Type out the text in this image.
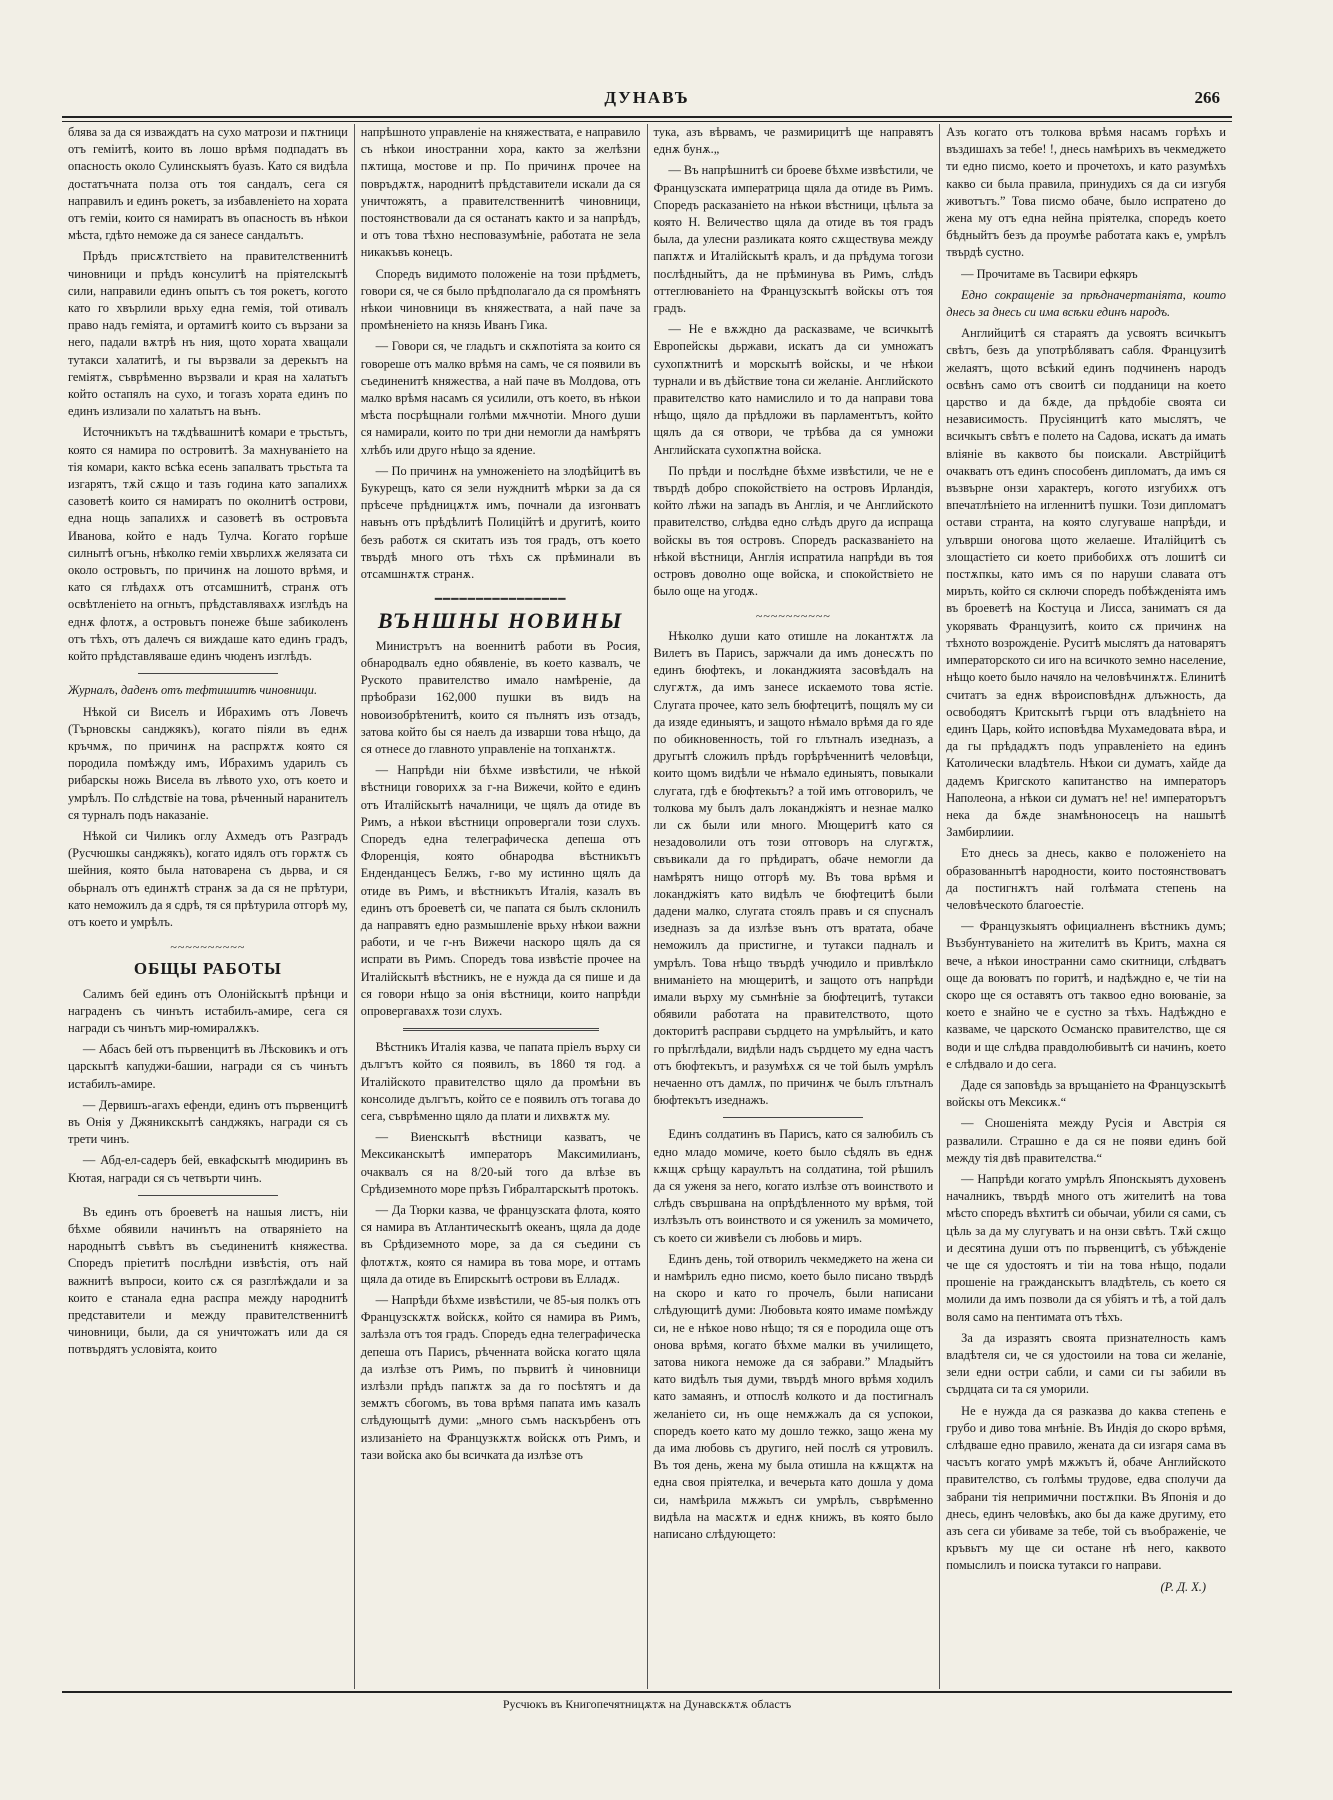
ДУНАВЪ	266

блява за да ся изваждатъ на сухо матрози и пѫтници отъ гемiитѣ, които въ лошо врѣмя подпадатъ въ опасность около Сулинскыятъ буазъ. Като ся видѣла достатъчната полза отъ тоя сандалъ, сега ся направилъ и единъ рокетъ, за избавленiето на хората отъ гемiи, които ся намиратъ въ опасность въ нѣкои мѣста, гдѣто неможе да ся занесе сандалътъ.

Прѣдъ присѫтствiето на правителственнитѣ чиновници и прѣдъ консулитѣ на прiятелскытѣ сили, направили единъ опытъ съ тоя рокетъ, когото като го хвърлили врьху една гемiя, той отивалъ право надъ гемiята, и ортамитѣ които съ вързани за него, падали вѫтрѣ нъ ния, щото хората хващали тутакси халатитѣ, и гы вързвали за дерекьтъ на гемiятѫ, съврѣменно вързвали и края на халатьтъ който остапялъ на сухо, и тогазъ хората единъ по единъ излизали по халатьтъ на вънъ.

Источникътъ на тѫдѣвашнитѣ комари е трьстьтъ, която ся намира по островитѣ. За махнуванiето на тiя комари, както всѣка есень запалватъ трьстьта та изгарятъ, тѫй сѫщо и тазъ година като запалихѫ сазоветѣ които ся намиратъ по околнитѣ острови, една нощь запалихѫ и сазоветѣ въ островъта Иванова, който е надъ Тулча. Когато горѣше силнытѣ огънь, нѣколко гемiи хвърлихѫ желязата си около островьтъ, по причинѫ на лошото врѣмя, и като ся глѣдахѫ отъ отсамшнитѣ, странѫ отъ освѣтленiето на огньтъ, прѣдставлявахѫ изглѣдъ на еднѫ флотѫ, а островьтъ понеже бѣше забиколенъ отъ тѣхъ, отъ далечъ ся виждаше като единъ градъ, който прѣдставлявашe единъ чюденъ изглѣдъ.

Журналъ, даденъ отъ тефтишитѣ чиновници.

Нѣкой си Виселъ и Ибрахимъ отъ Ловечъ (Търновскы санджякъ), когато пiяли въ еднѫ кръчмѫ, по причинѫ на распрѫтѫ която ся породила помѣжду имъ, Ибрахимъ ударилъ съ рибарскы ножь Висела въ лѣвото ухо, отъ което и умрѣлъ. По слѣдствiе на това, рѣченный наранителъ ся турналъ подъ наказанiе.

Нѣкой си Чиликъ оглу Ахмедъ отъ Разградъ (Русчюшкы санджякъ), когато идялъ отъ горѫтѫ съ шейния, която была натоварена съ дьрва, и ся обьрналъ отъ единѫтѣ странѫ за да ся не прѣтури, като неможилъ да я сдрѣ, тя ся прѣтурила отгорѣ му, отъ което и умрѣлъ.

~~~~~~~~~~
ОБЩЫ РАБОТЫ

Салимъ бей единъ отъ Олонiйскытѣ прѣнци и награденъ съ чинътъ истабилъ-амире, сега ся награди съ чинътъ мир-юмиралѫкъ.

— Абасъ бей отъ първенцитѣ въ Лѣсковикъ и отъ царскытѣ капуджи-башии, награди ся съ чинътъ истабилъ-амире.

— Дервишъ-агахъ ефенди, единъ отъ първенцитѣ въ Онiя у Джяникскытѣ санджякъ, награди ся съ трети чинъ.

— Абд-ел-садеръ бей, евкафскытѣ мюдиринъ въ Кютая, награди ся съ четвърти чинъ.

Въ единъ отъ броеветѣ на нашыя листъ, нiи бѣхме обявили начинътъ на отварянiето на народнытѣ съвѣтъ въ съединенитѣ княжества. Споредъ прiетитѣ послѣдни извѣстiя, отъ най важнитѣ въпроси, които сѫ ся разглѣждали и за които е станала една распра между народнитѣ представители и между правителственнитѣ чиновници, были, да ся уничтожатъ или да ся потвърдятъ условiята, които

напрѣшното управленiе на княжествата, е направило съ нѣкои иностранни хора, както за желѣзни пѫтища, мостове и пр. По причинѫ прочее на повръдѫтѫ, народнитѣ прѣдставители искали да ся уничтожятъ, а правителственнитѣ чиновници, постоянствовали да ся останатъ както и за напрѣдъ, и отъ това тѣхно несповазумѣнiе, работата не зела никакъвъ конецъ.

Споредъ видимото положенiе на този прѣдметъ, говори ся, че ся было прѣдполагало да ся промѣнятъ нѣкои чиновници въ княжествата, а най паче за промѣненiето на князь Иванъ Гика.

— Говори ся, че гладьтъ и скѫпотiята за които ся говореше отъ малко врѣмя на самъ, че ся появили въ съединенитѣ княжества, а най паче въ Молдова, отъ малко врѣмя насамъ ся усилили, отъ което, въ нѣкои мѣста посрѣщнали голѣми мѫчнотiи. Много души ся намирали, които по три дни немогли да намѣрятъ хлѣбъ или друго нѣщо за ядение.

— По причинѫ на умноженiето на злодѣйцитѣ въ Букурещъ, като ся зели нужднитѣ мѣрки за да ся прѣсече прѣдницѫтѫ имъ, почнали да изгонватъ навънъ отъ прѣдѣлитѣ Полицiйтѣ и другитѣ, които безъ работѫ ся скитатъ изъ тоя градъ, отъ което твърдѣ много отъ тѣхъ сѫ прѣминали въ отсамшнѫтѫ странѫ.

━━━━━━━━━━━━━━━━
ВЪНШНЫ НОВИНЫ

Министрътъ на военнитѣ работи въ Росия, обнародвалъ едно обявленiе, въ което казвалъ, че Руското правителство имало намѣренiе, да прѣобрази 162,000 пушки въ видъ на новоизобрѣтенитѣ, които ся пълнятъ изъ отзадъ, затова който бы ся наелъ да изварши това нѣщо, да ся отнесе до главното управленiе на топханѫтѫ.

— Напрѣди нiи бѣхме извѣстили, че нѣкой вѣстници говорихѫ за г-на Вижечи, който е единъ отъ Италiйскытѣ началници, че щялъ да отиде въ Римъ, а нѣкои вѣстници опровергали този слухъ. Споредъ една телеграфическа депеша отъ Флоренцiя, която обнародва вѣстникътъ Енденданцесъ Белжъ, г-во му истинно щялъ да отиде въ Римъ, и вѣстникътъ Италiя, казалъ въ единъ отъ броеветѣ си, че папата ся былъ склонилъ да направятъ едно размышленiе врьху нѣкои важни работи, и че г-нъ Вижечи наскоро щялъ да ся испрати въ Римъ. Споредъ това извѣстiе прочее на Италiйскытѣ вѣстникъ, не е нужда да ся пише и да ся говори нѣщо за онiя вѣстници, които напрѣди опровергавахѫ този слухъ.

Вѣстникъ Италiя казва, че папата прiелъ върху си дългътъ който ся появилъ, въ 1860 тя год. а Италiйското правителство щяло да промѣни въ консолиде дългътъ, който се е появилъ отъ тогава до сега, съврѣменно щяло да плати и лихвѫтѫ му.

— Виенскытѣ вѣстници казватъ, че Мексиканскытѣ императоръ Максимилианъ, очаквалъ ся на 8/20-ый того да влѣзе въ Срѣдиземното море прѣзъ Гибралтарскытѣ протокъ.

— Да Тюрки казва, че французската флота, която ся намира въ Атлантическытѣ океанъ, щяла да доде въ Срѣдиземното море, за да ся съедини съ флотѫтѫ, която ся намира въ това море, и оттамъ щяла да отиде въ Епирскытѣ острови въ Елладѫ.

— Напрѣди бѣхме извѣстили, че 85-ыя полкъ отъ Французскѫтѫ войскѫ, който ся намира въ Римъ, залѣзла отъ тоя градъ. Споредъ една телеграфическа депеша отъ Парисъ, рѣченната войска когато щяла да излѣзе отъ Римъ, по първитѣ ѝ чиновници излѣзли прѣдъ папѫтѫ за да го посѣтятъ и да земѫтъ сбогомъ, въ това врѣмя папата имъ казалъ слѣдующытѣ думи: „много съмъ наскърбенъ отъ излизанiето на Французкѫтѫ войскѫ отъ Римъ, и тази войска ако бы всичката да излѣзе отъ

тука, азъ вѣрвамъ, че размирицитѣ ще направятъ еднѫ бунѫ.„

— Въ напрѣшнитѣ си броеве бѣхме извѣстили, че Французската императрица щяла да отиде въ Римъ. Споредъ расказанiето на нѣкои вѣстници, цѣльта за която Н. Величество щяла да отиде въ тоя градъ была, да улесни разликата която сѫществува между папѫтѫ и Италiйскытѣ кралъ, и да прѣдума тогози послѣдныйтъ, да не прѣминува въ Римъ, слѣдъ оттеглюванiето на Французскытѣ войскы отъ тоя градъ.

— Не е вѫждно да расказваме, че всичкытѣ Европейскы дьржави, искатъ да си умножатъ сухопѫтнитѣ и морскытѣ войскы, и че нѣкои турнали и въ дѣйствие тона си желанiе. Английското правителство като намислило и то да направи тoва нѣщо, щяло да прѣдложи въ парламентътъ, който щялъ да ся отвори, че трѣбва да ся умножи Английската сухопѫтна войска.

По прѣди и послѣдне бѣхме извѣстили, че не е твърдѣ добро спокойствiето на островъ Ирландiя, който лѣжи на западъ въ Англiя, и че Английското правителство, слѣдва едно слѣдъ друго да испраща войскы въ тоя островъ. Споредъ расказванiето на нѣкой вѣстници, Англiя испратила напрѣди въ тоя островъ доволно още войска, и спокойствiето не было още на угодѫ.

~~~~~~~~~~

Нѣколко души като отишле на локантѫтѫ ла Вилетъ въ Парисъ, заржчали да имъ донесѫтъ по единъ бюфтекъ, и локанджията засовѣдалъ на слугѫтѫ, да имъ занесе искаемото това ястiе. Слугата прочее, като зелъ бюфтецитѣ, пощялъ му си да изяде единыятъ, и защото нѣмало врѣмя да го яде по обикновенность, той го глътналъ изедназъ, а другытѣ сложилъ прѣдъ горѣрѣченнитѣ человѣци, които щомъ видѣли че нѣмало единыятъ, повыкали слугата, гдѣ е бюфтекьтъ? а той имъ отговорилъ, че толкова му былъ далъ локанджiятъ и незнае малко ли сѫ были или много. Мющеритѣ като ся незадоволили отъ този отговоръ на слугѫтѫ, свъвикали да го прѣдиратъ, обаче немогли да намѣрятъ нищо отгорѣ му. Въ това врѣмя и локанджiятъ като видѣлъ че бюфтецитѣ были дадени малко, слугата стоялъ правъ и ся спусналъ изедназъ за да излѣзе вънъ отъ вратата, обаче неможилъ да пристигне, и тутакси падналъ и умрѣлъ. Това нѣщо твърдѣ учюдило и привлѣкло вниманiето на мющеритѣ, и защото отъ напрѣди имали върху му съмнѣнiе за бюфтецитѣ, тутакси обявили работата на правителството, щото докторитѣ расправи сърдцето на умрѣлыйтъ, и като го прѣглѣдали, видѣли надъ сърдцето му една частъ отъ бюфтекътъ, и разумѣхѫ ся че той былъ умрѣлъ нечаенно отъ дамлѫ, по причинѫ че былъ глътналъ бюфтекътъ изеднажъ.

Единъ солдатинъ въ Парисъ, като ся залюбилъ съ едно младо момиче, което было сѣдялъ въ еднѫ кѫщѫ срѣщу караулътъ на солдатина, той рѣшилъ да ся уженя за него, когато излѣзе отъ воинството и слѣдъ свършвана на опрѣдѣленното му врѣмя, той излѣзълъ отъ воинството и ся уженилъ за момичето, съ което си живѣели съ любовь и миръ.

Единъ день, той отворилъ чекмеджето на жена си и намѣрилъ едно писмо, което было писано твърдѣ на скоро и като го прочелъ, были написани слѣдующитѣ думи: Любовьта която имаме помѣжду си, не е нѣкое ново нѣщо; тя ся е породила още отъ онова врѣмя, когато бѣхме малки въ училището, затова никога неможе да ся забрави.” Младыйтъ като видѣлъ тыя думи, твърдѣ много врѣмя ходилъ като замаянъ, и отпослѣ колкото и да постигналъ желанiето си, нъ още немѫжалъ да ся успокои, споредъ което като му дошло тежко, защо жена му да има любовь съ другиго, ней послѣ ся утровилъ. Въ тоя день, жена му была отишла на кѫщѫтѫ на една своя прiятелка, и вечерьта като дошла у дома си, намѣрила мѫжьтъ си умрѣлъ, съврѣменно видѣла на масѫтѫ и еднѫ книжъ, въ която было написано слѣдующето:

Азъ когато отъ толкова врѣмя насамъ горѣхъ и въздишахъ за тебе! !, днесь намѣрихъ въ чекмеджето ти едно писмо, което и прочетохъ, и като разумѣхъ какво си была правила, принудихъ ся да си изгубя животътъ.” Това писмо обаче, было испратено до жена му отъ една нейна прiятелка, споредъ което бѣдныйтъ безъ да проумѣе работата какъ е, умрѣлъ твърдѣ сустно.

— Прочитаме въ Тасвири ефкяръ

Едно сокращенiе за прѣдначертанiята, които днесь за днесь си има всѣки единъ народъ.

Английцитѣ ся стараятъ да усвоятъ всичкытъ свѣтъ, безъ да употрѣбляватъ сабля. Французитѣ желаятъ, щото всѣкий единъ подчиненъ народъ освѣнъ само отъ своитѣ си подданици на което царство и да бѫде, да прѣдобiе своята си независимость. Прусiянцитѣ като мыслятъ, че всичкытъ свѣтъ е полето на Садова, искатъ да имать влiянiе въ каквото бы поискали. Австрiйцитѣ очакватъ отъ единъ способенъ дипломатъ, да имъ ся възвърне онзи характеръ, когото изгубихѫ отъ впечатлѣнiето на игленнитѣ пушки. Този дипломатъ остави странта, на която слугуваше напрѣди, и улъврши оногова щото желаеше. Италiйцитѣ съ злощастiето си което прибобихѫ отъ лошитѣ си постѫпкы, като имъ ся по наруши славата отъ миръть, който ся сключи споредъ побѣжденiята имъ въ броеветѣ на Костуца и Лисса, заниматъ ся да укорявать Французитѣ, които сѫ причинѫ на тѣхното возрожденiе. Руситѣ мыслятъ да натоварятъ императорското си иго на всичкото земно население, нѣщо което было начяло на человѣчинѫтѫ. Елинитѣ считатъ за еднѫ вѣроисповѣднѫ длъжность, да освободятъ Критскытѣ гърци отъ владѣнiето на единъ Царь, който исповѣдва Мухамедовата вѣра, и да гы прѣдадѫтъ подъ управленiето на единъ Католически владѣтель. Нѣкои си думатъ, хайде да дадемъ Кригското капитанство на императоръ Наполеона, а нѣкои си думатъ не! не! императорътъ нека да бѫде знамѣноносецъ на нашытѣ Замбирлиии.

Ето днесь за днесь, какво е положенiето на образованнытѣ народности, които постоянствоватъ да постигнѫтъ най голѣмата степень на человѣческото благоестiе.

— Французкыятъ официалненъ вѣстникъ думъ; Възбунтуванiето на жителитѣ въ Критъ, махна ся вече, а нѣкои иностранни само скитници, слѣдватъ още да воюватъ по горитѣ, и надѣждно е, че тiи на скоро ще ся оставятъ отъ таквоо едно воюванiе, за което е знайно че е сустно за тѣхъ. Надѣждно е казваме, че царското Османско правителство, ще ся води и ще слѣдва правдолюбивытѣ си начинъ, което е слѣдвало и до сега.

Даде ся заповѣдь за връщанiето на Французскытѣ войскы отъ Мексикѫ.“

— Сношенiята между Русiя и Австрiя ся развалили. Страшно е да ся не появи единъ бой между тiя двѣ правителства.“

— Напрѣди когато умрѣлъ Японскыятъ духовенъ началникъ, твърдѣ много отъ жителитѣ на това мѣсто споредъ вѣхтитѣ си обычаи, убили ся сами, съ цѣль за да му слугуватъ и на онзи свѣтъ. Тѫй сѫщо и десятина души отъ по първенцитѣ, съ убѣжденiе че ще ся удостоятъ и тiи на това нѣщо, подали прошенiе на гражданскытъ владѣтель, съ което ся молили да имъ позволи да ся убiятъ и тѣ, а той далъ воля само на пентимата отъ тѣхъ.

За да изразятъ своята признателность камъ владѣтеля си, че ся удостоили на това си желанiе, зели едни остри сабли, и сами си гы забили въ сърдцата си та ся уморили.

Не е нужда да ся разказва до каква степень е грубо и диво това мнѣнiе. Въ Индiя до скоро врѣмя, слѣдваше едно правило, жената да си изгаря сама въ часътъ когато умрѣ мѫжътъ й, обаче Английското правителство, съ голѣмы трудове, едва сполучи да забрани тiя непримични постѫпки. Въ Японiя и до днесь, единъ человѣкъ, ако бы да каже другиму, ето азъ сега си убиваме за тебе, той съ въображенiе, че кръвьтъ му ще си остане нѣ него, каквото помыслилъ и поиска тутакси го направи.

(Р. Д. Х.)
Русчюкъ въ Книгопечятницѫтѫ на Дунавскѫтѫ областъ
